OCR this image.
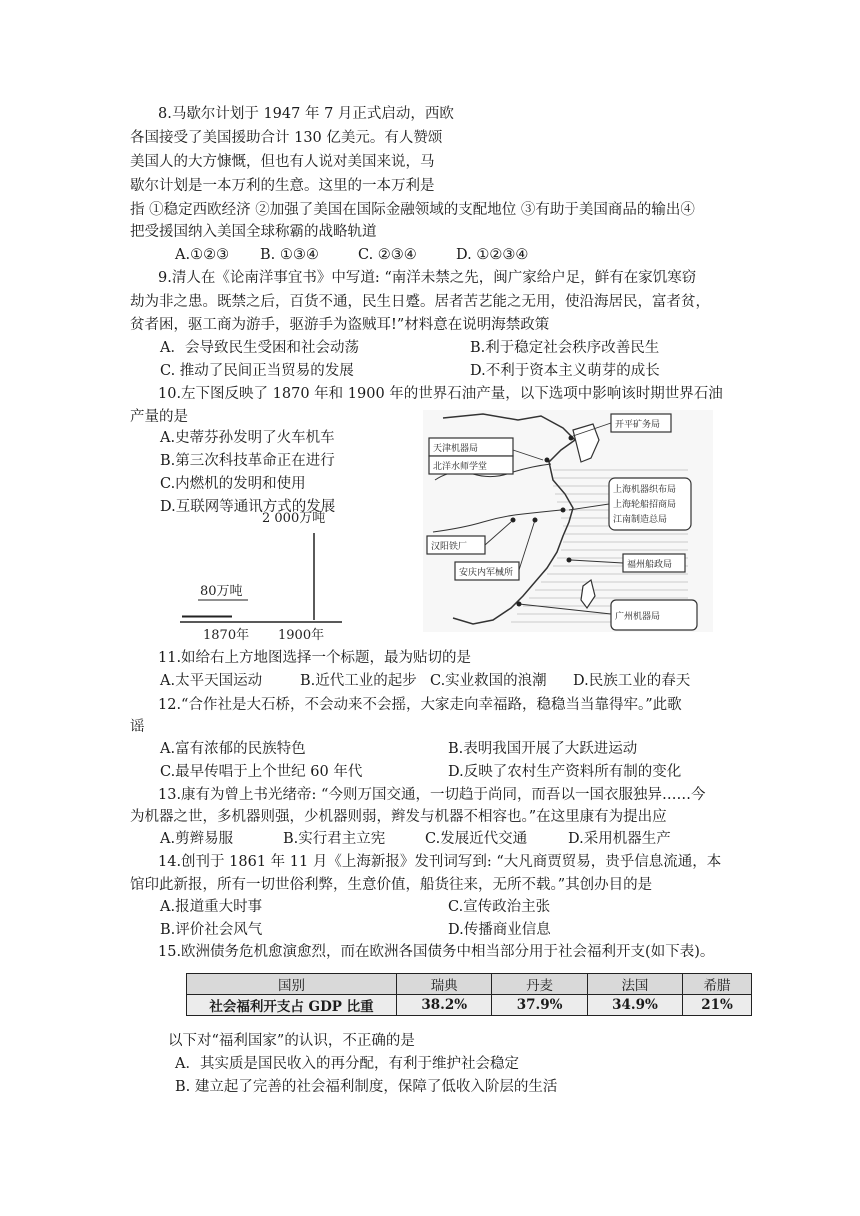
8.马歇尔计划于 1947 年 7 月正式启动，西欧
各国接受了美国援助合计 130 亿美元。有人赞颂
美国人的大方慷慨，但也有人说对美国来说，马
歇尔计划是一本万利的生意。这里的一本万利是
指 ①稳定西欧经济 ②加强了美国在国际金融领域的支配地位 ③有助于美国商品的输出④
把受援国纳入美国全球称霸的战略轨道
A.①②③ B. ①③④	C. ②③④	D. ①②③④
9.清人在《论南洋事宜书》中写道: “南洋未禁之先，闽广家给户足，鲜有在家饥寒窃
劫为非之患。既禁之后，百货不通，民生日蹙。居者苦艺能之无用，使沿海居民，富者贫，
贫者困，驱工商为游手，驱游手为盗贼耳!”材料意在说明海禁政策
A．会导致民生受困和社会动荡	B.利于稳定社会秩序改善民生
C. 推动了民间正当贸易的发展	D.不利于资本主义萌芽的成长
10.左下图反映了 1870 年和 1900 年的世界石油产量，以下选项中影响该时期世界石油
产量的是
A.史蒂芬孙发明了火车机车
B.第三次科技革命正在进行
C.内燃机的发明和使用
D.互联网等通讯方式的发展
2 000万吨
80万吨
1870年 1900年
开平矿务局
天津机器局
北洋水师学堂
上海机器织布局
上海轮船招商局
江南制造总局
汉阳铁厂
安庆内军械所
福州船政局
广州机器局
11.如给右上方地图选择一个标题，最为贴切的是
A.太平天国运动	B.近代工业的起步 C.实业救国的浪潮 D.民族工业的春天
12.“合作社是大石桥，不会动来不会摇，大家走向幸福路，稳稳当当靠得牢。”此歌
谣
A.富有浓郁的民族特色	B.表明我国开展了大跃进运动
C.最早传唱于上个世纪 60 年代	D.反映了农村生产资料所有制的变化
13.康有为曾上书光绪帝: “今则万国交通，一切趋于尚同，而吾以一国衣服独异……今
为机器之世，多机器则强，少机器则弱，辫发与机器不相容也。”在这里康有为提出应
A.剪辫易服	B.实行君主立宪	C.发展近代交通	D.采用机器生产
14.创刊于 1861 年 11 月《上海新报》发刊词写到: “大凡商贾贸易，贵乎信息流通，本
馆印此新报，所有一切世俗利弊，生意价值，船货往来，无所不载。”其创办目的是
A.报道重大时事	C.宣传政治主张
B.评价社会风气	D.传播商业信息
15.欧洲债务危机愈演愈烈，而在欧洲各国债务中相当部分用于社会福利开支(如下表)。
国别	瑞典	丹麦	法国	希腊
社会福利开支占 GDP 比重	38.2%	37.9%	34.9%	21%
以下对“福利国家”的认识，不正确的是
A．其实质是国民收入的再分配，有利于维护社会稳定
B. 建立起了完善的社会福利制度，保障了低收入阶层的生活
